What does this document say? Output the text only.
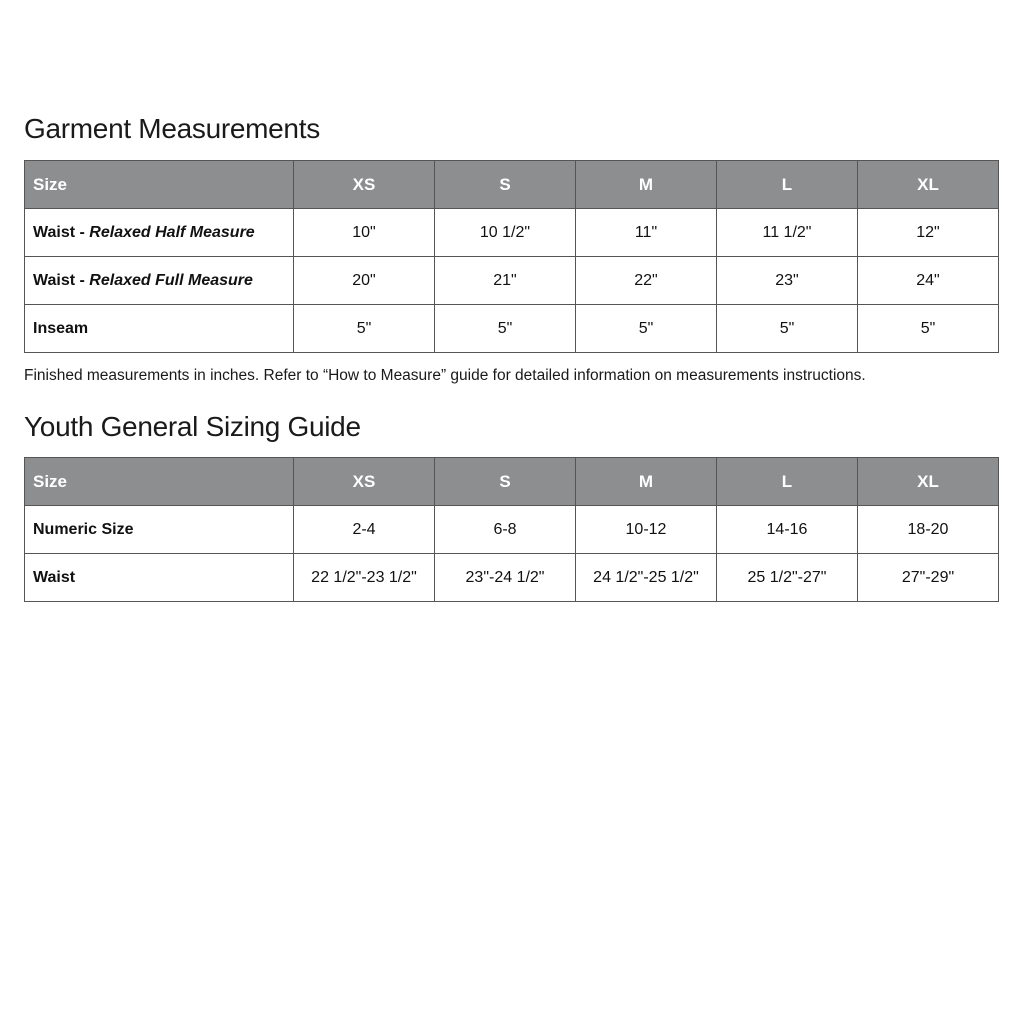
Garment Measurements
Size	XS	S	M	L	XL
Waist - Relaxed Half Measure	10"	10 1/2"	11"	11 1/2"	12"
Waist - Relaxed Full Measure	20"	21"	22"	23"	24"
Inseam	5"	5"	5"	5"	5"

Finished measurements in inches. Refer to “How to Measure” guide for detailed information on measurements instructions.

Youth General Sizing Guide
Size	XS	S	M	L	XL
Numeric Size	2-4	6-8	10-12	14-16	18-20
Waist	22 1/2"-23 1/2"	23"-24 1/2"	24 1/2"-25 1/2"	25 1/2"-27"	27"-29"
